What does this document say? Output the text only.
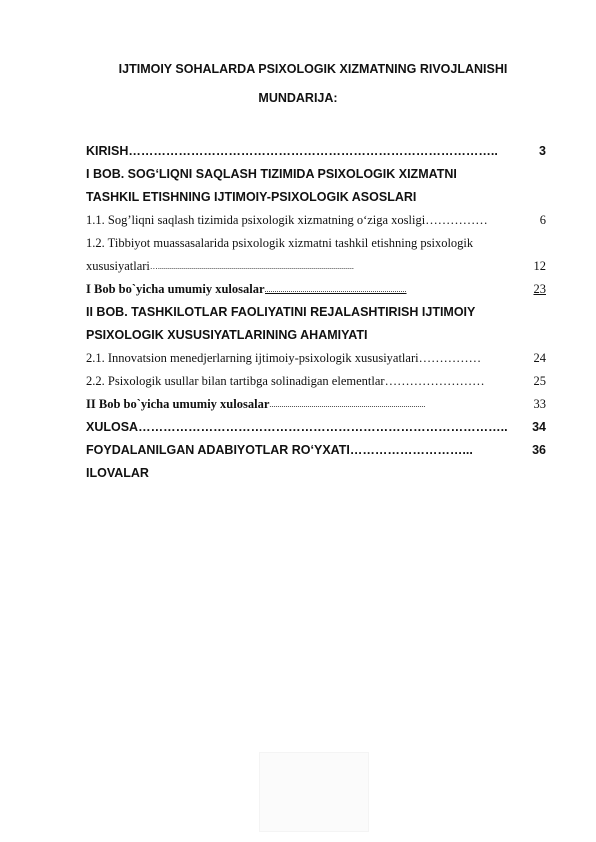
IJTIMOIY SOHALARDA PSIXOLOGIK XIZMATNING RIVOJLANISHI
MUNDARIJA:
KIRISH ……………………………………………………………………………..	3
I BOB. SOG‘LIQNI SAQLASH TIZIMIDA PSIXOLOGIK XIZMATNI
TASHKIL ETISHNING IJTIMOIY-PSIXOLOGIK ASOSLARI
1.1. Sog’liqni saqlash tizimida psixologik xizmatning o‘ziga xosligi ……………	6
1.2. Tibbiyot muassasalarida psixologik xizmatni tashkil etishning psixologik
xususiyatlari …..................................................................................................	12
I Bob bo`yicha umumiy xulosalar .......................................................................	23
II BOB. TASHKILOTLAR FAOLIYATINI REJALASHTIRISH IJTIMOIY
PSIXOLOGIK XUSUSIYATLARINING AHAMIYATI
2.1. Innovatsion menedjerlarning ijtimoiy-psixologik xususiyatlari ……………	24
2.2. Psixologik usullar bilan tartibga solinadigan elementlar ……………………	25
II Bob bo`yicha umumiy xulosalar ..............................................................................	33
XULOSA ……………………………………………………………………………..	34
FOYDALANILGAN ADABIYOTLAR RO‘YXATI ………………………...	36
ILOVALAR
